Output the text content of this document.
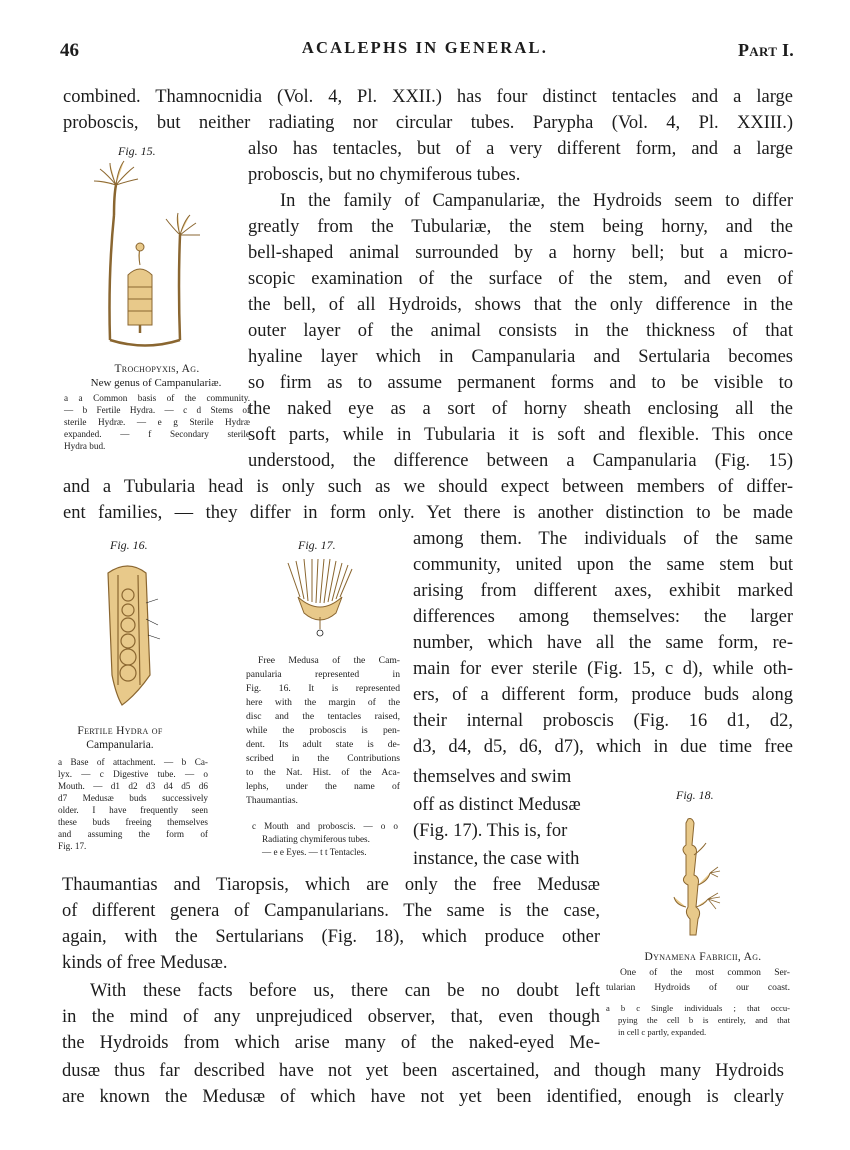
46	ACALEPHS IN GENERAL.	Part I.
combined. Thamnocnidia (Vol. 4, Pl. XXII.) has four distinct tentacles and a large
proboscis, but neither radiating nor circular tubes. Parypha (Vol. 4, Pl. XXIII.)
also has tentacles, but of a very different form, and a large
proboscis, but no chymiferous tubes.
In the family of Campanulariæ, the Hydroids seem to differ
greatly from the Tubulariæ, the stem being horny, and the
bell-shaped animal surrounded by a horny bell; but a micro-
scopic examination of the surface of the stem, and even of
the bell, of all Hydroids, shows that the only difference in the
outer layer of the animal consists in the thickness of that
hyaline layer which in Campanularia and Sertularia becomes
so firm as to assume permanent forms and to be visible to
the naked eye as a sort of horny sheath enclosing all the
soft parts, while in Tubularia it is soft and flexible. This once
understood, the difference between a Campanularia (Fig. 15)
and a Tubularia head is only such as we should expect between members of differ-
ent families, — they differ in form only. Yet there is another distinction to be made
among them. The individuals of the same
community, united upon the same stem but
arising from different axes, exhibit marked
differences among themselves: the larger
number, which have all the same form, re-
main for ever sterile (Fig. 15, c d), while oth-
ers, of a different form, produce buds along
their internal proboscis (Fig. 16 d1, d2,
d3, d4, d5, d6, d7), which in due time free
themselves and swim
off as distinct Medusæ
(Fig. 17). This is, for
instance, the case with
Thaumantias and Tiaropsis, which are only the free Medusæ
of different genera of Campanularians. The same is the case,
again, with the Sertularians (Fig. 18), which produce other
kinds of free Medusæ.
With these facts before us, there can be no doubt left
in the mind of any unprejudiced observer, that, even though
the Hydroids from which arise many of the naked-eyed Me-
dusæ thus far described have not yet been ascertained, and though many Hydroids
are known the Medusæ of which have not yet been identified, enough is clearly
Fig. 15.
Trochopyxis, Ag.
New genus of Campanulariæ.
a a Common basis of the community.
— b Fertile Hydra. — c d Stems of
sterile Hydræ. — e g Sterile Hydræ
expanded. — f Secondary sterile
Hydra bud.
Fig. 16.
Fertile Hydra of
Campanularia.
a Base of attachment. — b Ca-
lyx. — c Digestive tube. — o
Mouth. — d1 d2 d3 d4 d5 d6
d7 Medusæ buds successively
older. I have frequently seen
these buds freeing themselves
and assuming the form of
Fig. 17.
Fig. 17.
Free Medusa of the Cam-
panularia represented in
Fig. 16. It is represented
here with the margin of the
disc and the tentacles raised,
while the proboscis is pen-
dent. Its adult state is de-
scribed in the Contributions
to the Nat. Hist. of the Aca-
lephs, under the name of
Thaumantias.
c Mouth and proboscis. — o o
Radiating chymiferous tubes.
— e e Eyes. — t t Tentacles.
Fig. 18.
Dynamena Fabricii, Ag.
One of the most common Ser-
tularian Hydroids of our coast.
a b c Single individuals ; that occu-
pying the cell b is entirely, and that
in cell c partly, expanded.
